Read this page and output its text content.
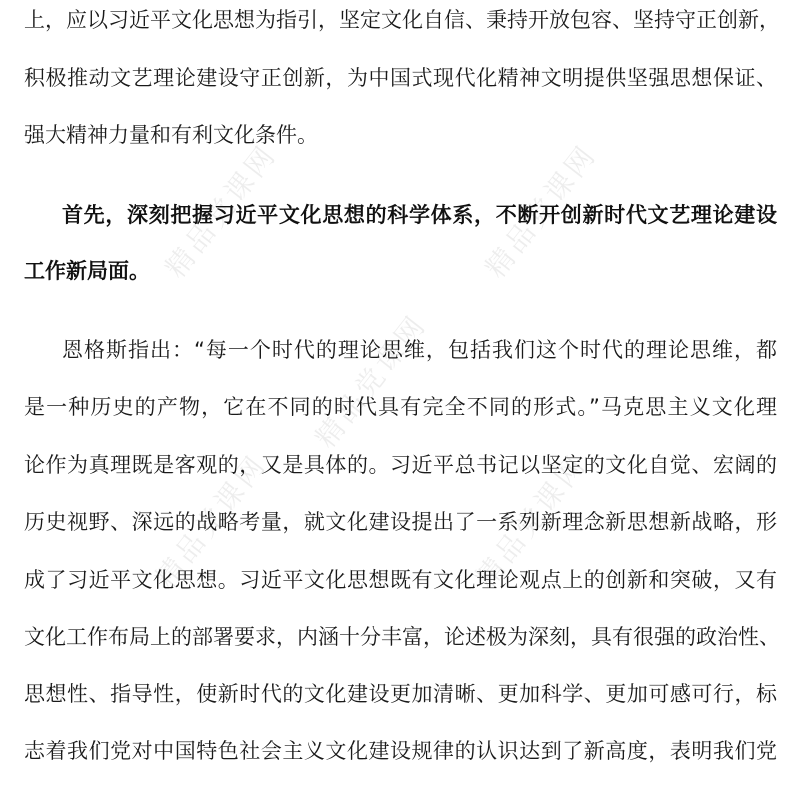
精品党课网	精品党课网
精品党课网
精品党课网	精品党课网
上，应以习近平文化思想为指引，坚定文化自信、秉持开放包容、坚持守正创新，
积极推动文艺理论建设守正创新，为中国式现代化精神文明提供坚强思想保证、
强大精神力量和有利文化条件。
首先，深刻把握习近平文化思想的科学体系，不断开创新时代文艺理论建设
工作新局面。
恩格斯指出：“每一个时代的理论思维，包括我们这个时代的理论思维，都
是一种历史的产物，它在不同的时代具有完全不同的形式。”马克思主义文化理
论作为真理既是客观的，又是具体的。习近平总书记以坚定的文化自觉、宏阔的
历史视野、深远的战略考量，就文化建设提出了一系列新理念新思想新战略，形
成了习近平文化思想。习近平文化思想既有文化理论观点上的创新和突破，又有
文化工作布局上的部署要求，内涵十分丰富，论述极为深刻，具有很强的政治性、
思想性、指导性，使新时代的文化建设更加清晰、更加科学、更加可感可行，标
志着我们党对中国特色社会主义文化建设规律的认识达到了新高度，表明我们党
